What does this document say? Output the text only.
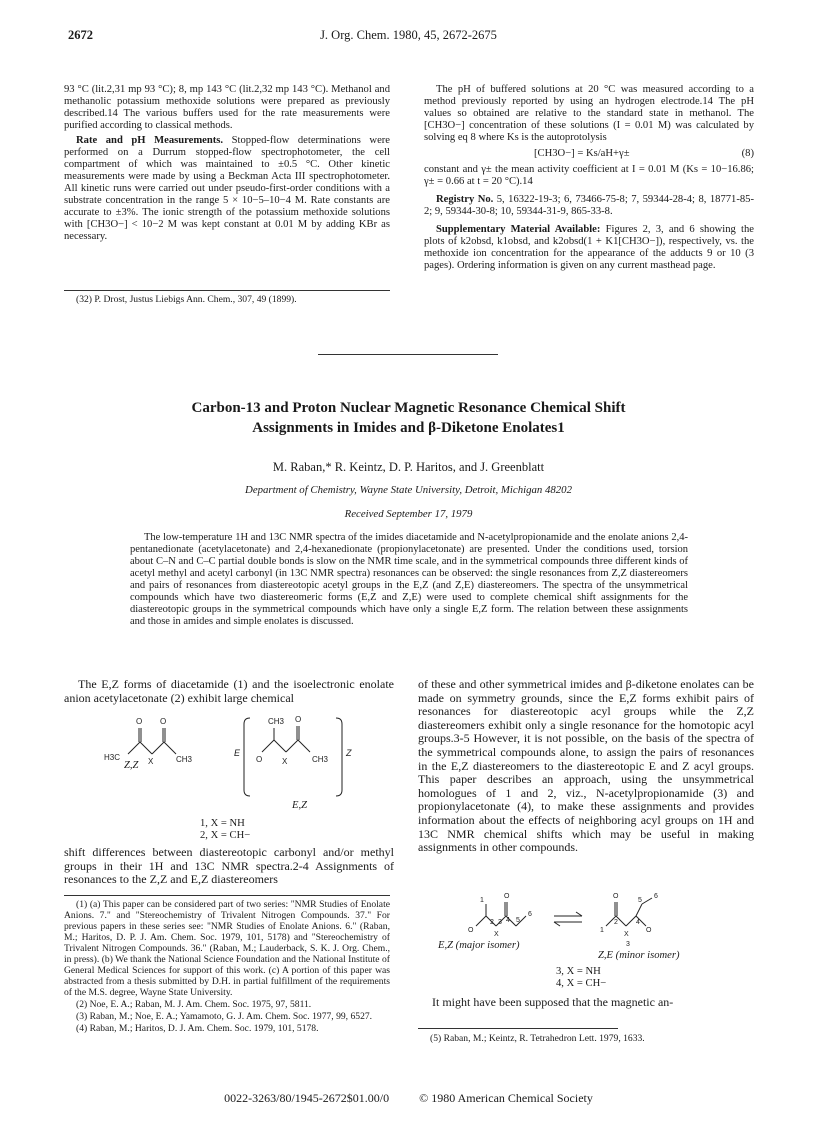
J. Org. Chem. 1980, 45, 2672-2675
2672

93 °C (lit.2,31 mp 93 °C); 8, mp 143 °C (lit.2,32 mp 143 °C). Methanol and methanolic potassium methoxide solutions were prepared as previously described.14 The various buffers used for the rate measurements were purified according to classical methods.

Rate and pH Measurements. Stopped-flow determinations were performed on a Durrum stopped-flow spectrophotometer, the cell compartment of which was maintained to ±0.5 °C. Other kinetic measurements were made by using a Beckman Acta III spectrophotometer. All kinetic runs were carried out under pseudo-first-order conditions with a substrate concentration in the range 5 × 10−5–10−4 M. Rate constants are accurate to ±3%. The ionic strength of the potassium methoxide solutions with [CH3O−] < 10−2 M was kept constant at 0.01 M by adding KBr as necessary.

(32) P. Drost, Justus Liebigs Ann. Chem., 307, 49 (1899).

The pH of buffered solutions at 20 °C was measured according to a method previously reported by using an hydrogen electrode.14 The pH values so obtained are relative to the standard state in methanol. The [CH3O−] concentration of these solutions (I = 0.01 M) was calculated by solving eq 8 where Ks is the autoprotolysis

[CH3O−] = Ks/aH+γ±	(8)

constant and γ± the mean activity coefficient at I = 0.01 M (Ks = 10−16.86; γ± = 0.66 at t = 20 °C).14

Registry No. 5, 16322-19-3; 6, 73466-75-8; 7, 59344-28-4; 8, 18771-85-2; 9, 59344-30-8; 10, 59344-31-9, 865-33-8.

Supplementary Material Available: Figures 2, 3, and 6 showing the plots of k2obsd, k1obsd, and k2obsd(1 + K1[CH3O−]), respectively, vs. the methoxide ion concentration for the appearance of the adducts 9 or 10 (3 pages). Ordering information is given on any current masthead page.

Carbon-13 and Proton Nuclear Magnetic Resonance Chemical Shift
Assignments in Imides and β-Diketone Enolates1
M. Raban,* R. Keintz, D. P. Haritos, and J. Greenblatt
Department of Chemistry, Wayne State University, Detroit, Michigan 48202
Received September 17, 1979
The low-temperature 1H and 13C NMR spectra of the imides diacetamide and N-acetylpropionamide and the enolate anions 2,4-pentanedionate (acetylacetonate) and 2,4-hexanedionate (propionylacetonate) are presented. Under the conditions used, torsion about C–N and C–C partial double bonds is slow on the NMR time scale, and in the symmetrical compounds three different kinds of acetyl methyl and acetyl carbonyl (in 13C NMR spectra) resonances can be observed: the single resonances from Z,Z diastereomers and pairs of resonances from diastereotopic acetyl groups in the E,Z (and Z,E) diastereomers. The spectra of the unsymmetrical compounds which have two diastereomeric forms (E,Z and Z,E) were used to complete chemical shift assignments for the diastereotopic groups in the symmetrical compounds which have only a single E,Z form. The relation between these assignments and those in amides and simple enolates is discussed.
The E,Z forms of diacetamide (1) and the isoelectronic enolate anion acetylacetonate (2) exhibit large chemical
O O
H3C	X	CH3
CH3 O
O X	CH3
E	Z
Z,Z
E,Z
1, X = NH
2, X = CH−
shift differences between diastereotopic carbonyl and/or methyl groups in their 1H and 13C NMR spectra.2-4 Assignments of resonances to the Z,Z and E,Z diastereomers

(1) (a) This paper can be considered part of two series: "NMR Studies of Enolate Anions. 7." and "Stereochemistry of Trivalent Nitrogen Compounds. 37." For previous papers in these series see: "NMR Studies of Enolate Anions. 6." (Raban, M.; Haritos, D. P. J. Am. Chem. Soc. 1979, 101, 5178) and "Stereochemistry of Trivalent Nitrogen Compounds. 36." (Raban, M.; Lauderback, S. K. J. Org. Chem., in press). (b) We thank the National Science Foundation and the National Institute of General Medical Sciences for support of this work. (c) A portion of this paper was abstracted from a thesis submitted by D.H. in partial fulfillment of the requirements of the M.S. degree, Wayne State University.

(2) Noe, E. A.; Raban, M. J. Am. Chem. Soc. 1975, 97, 5811.

(3) Raban, M.; Noe, E. A.; Yamamoto, G. J. Am. Chem. Soc. 1977, 99, 6527.

(4) Raban, M.; Haritos, D. J. Am. Chem. Soc. 1979, 101, 5178.

of these and other symmetrical imides and β-diketone enolates can be made on symmetry grounds, since the E,Z forms exhibit pairs of resonances for diastereotopic acyl groups while the Z,Z diastereomers exhibit only a single resonance for the homotopic acyl groups.3-5 However, it is not possible, on the basis of the spectra of the symmetrical compounds alone, to assign the pairs of resonances in the E,Z diastereomers to the diastereotopic E and Z acyl groups. This paper describes an approach, using the unsymmetrical homologues of 1 and 2, viz., N-acetylpropionamide (3) and propionylacetonate (4), to make these assignments and provides information about the effects of neighboring acyl groups on 1H and 13C NMR chemical shifts which may be useful in making assignments in other compounds.
O
1
O
2 3 4
X
5
6
O
1
2
X
4
O
5
6
3
E,Z (major isomer)
Z,E (minor isomer)
3, X = NH
4, X = CH−
It might have been supposed that the magnetic an-

(5) Raban, M.; Keintz, R. Tetrahedron Lett. 1979, 1633.

0022-3263/80/1945-2672$01.00/0	© 1980 American Chemical Society
